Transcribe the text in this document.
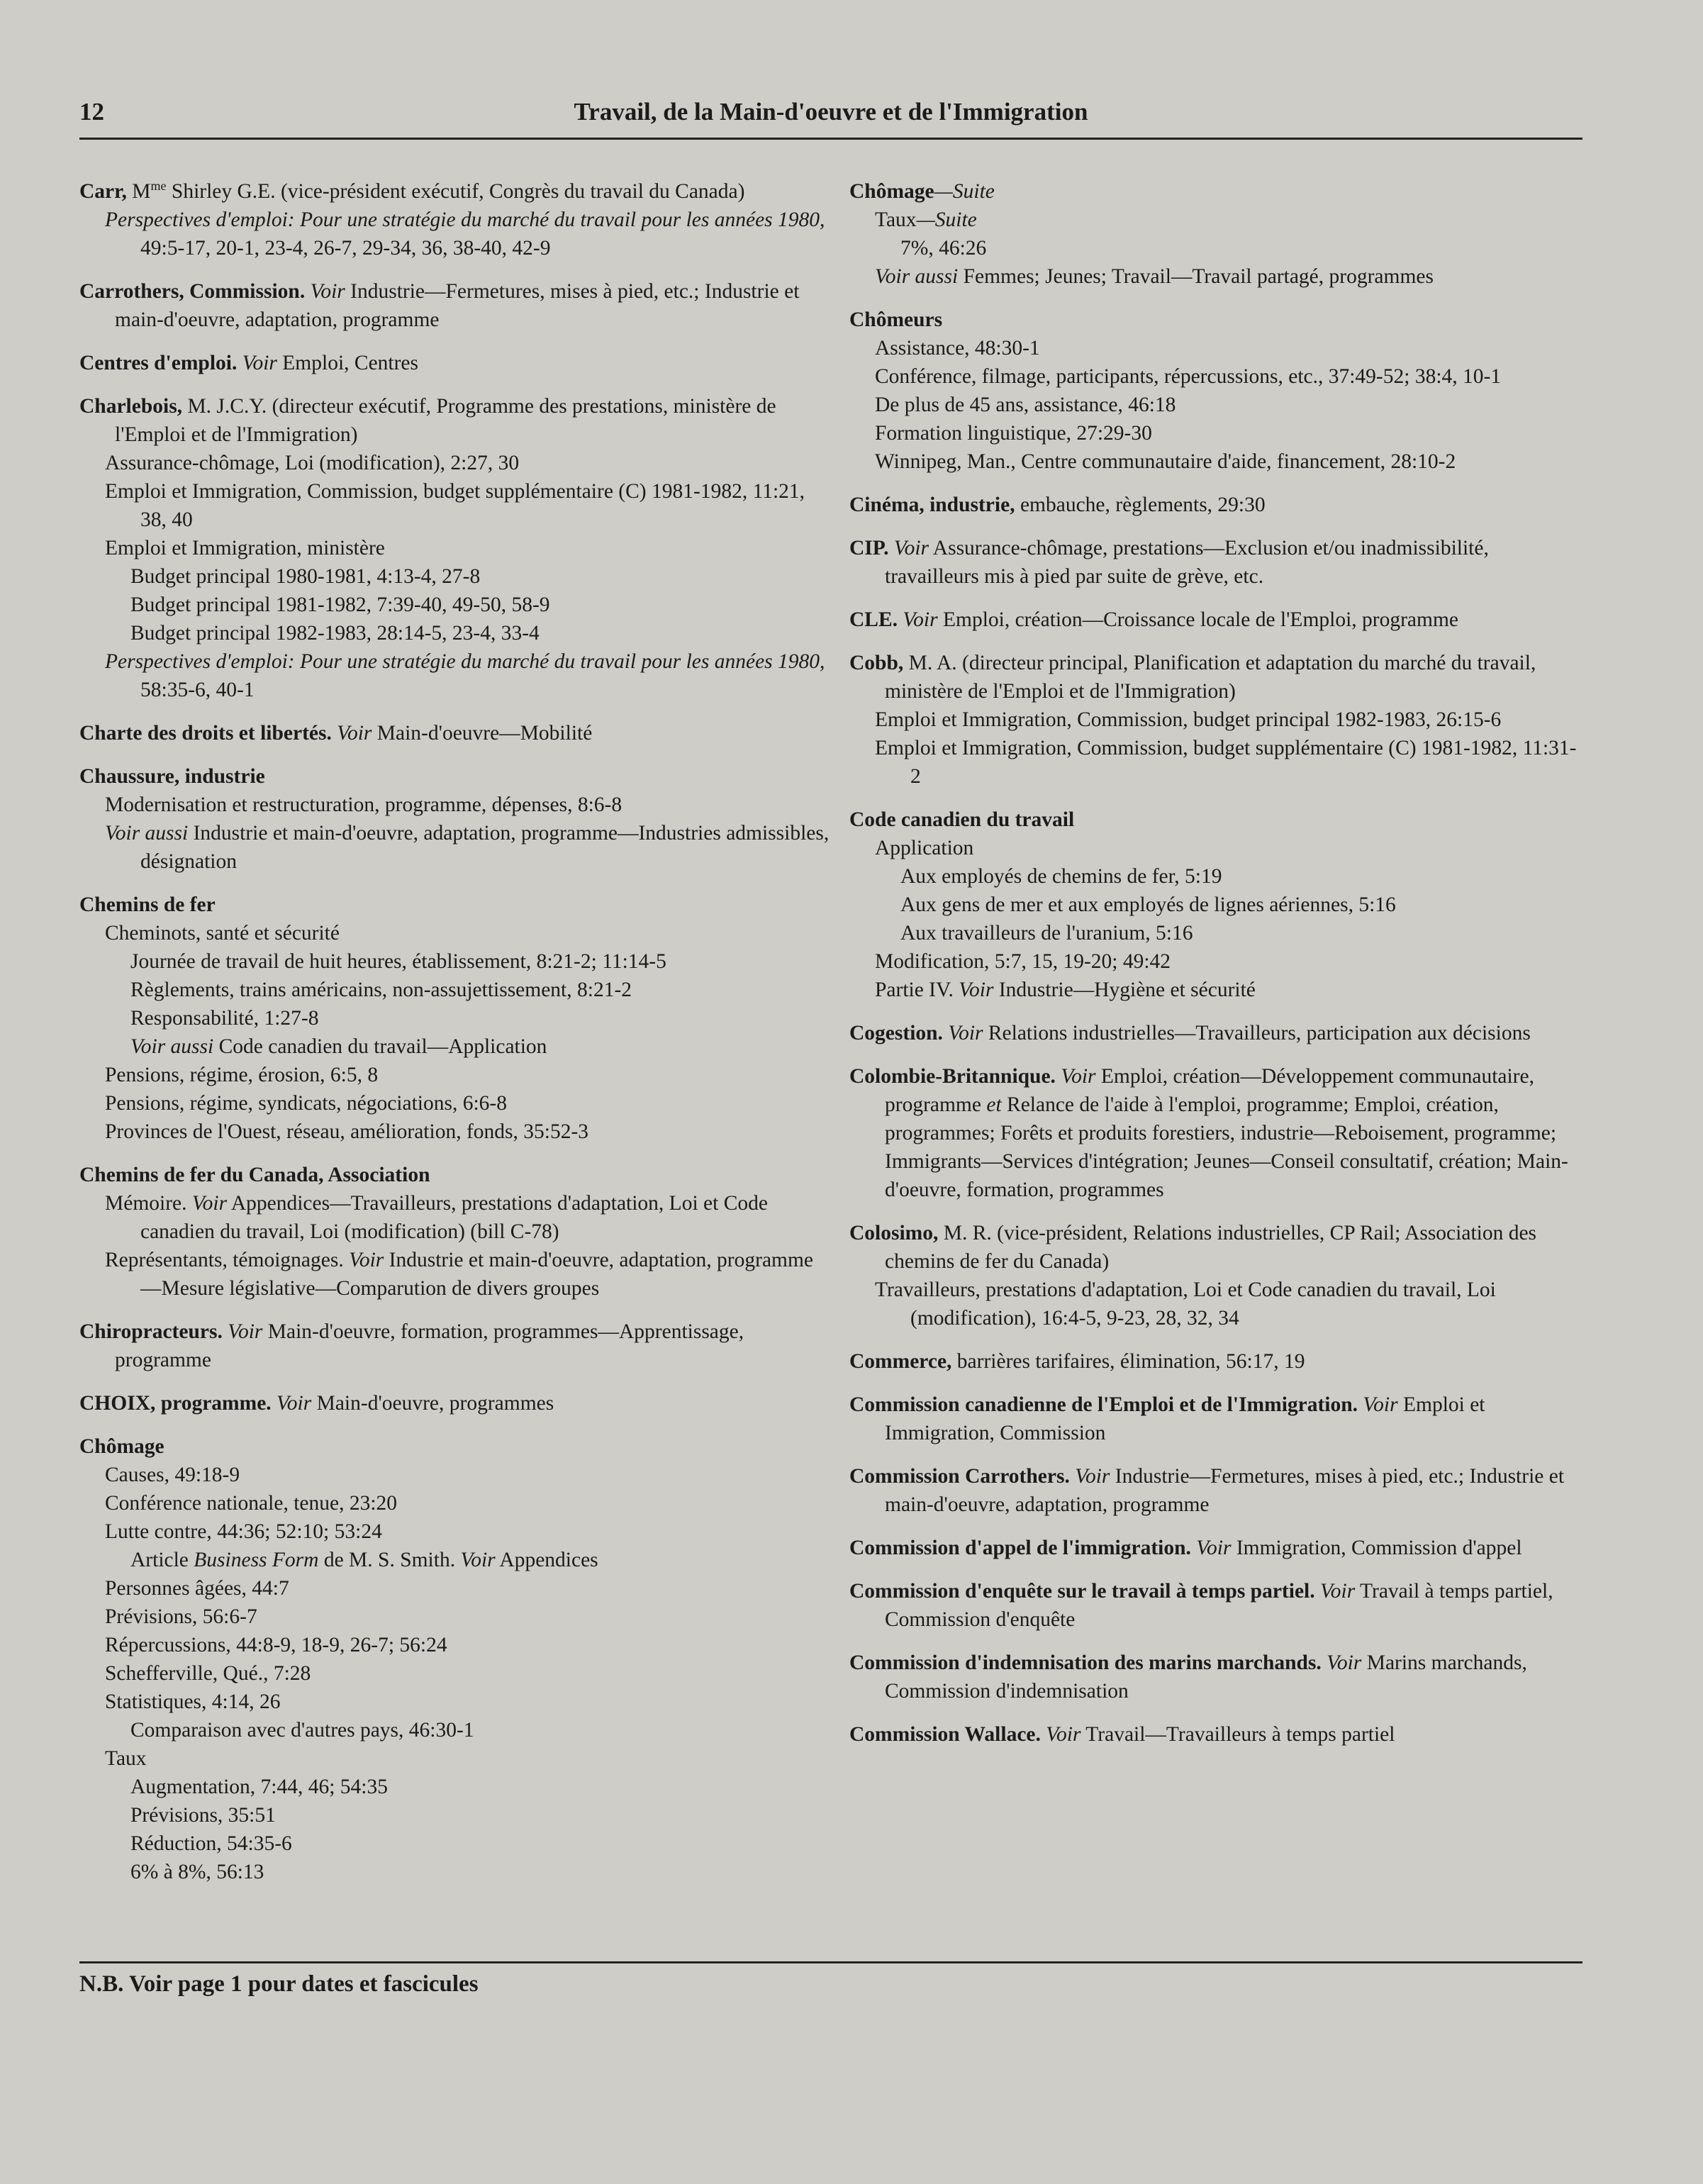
12	Travail, de la Main-d'oeuvre et de l'Immigration
Carr, $M^{me}$ Shirley G.E. (vice-président exécutif, Congrès du travail du Canada)
Perspectives d'emploi: Pour une stratégie du marché du travail pour les années 1980, 49:5-17, 20-1, 23-4, 26-7, 29-34, 36, 38-40, 42-9
Carrothers, Commission. Voir Industrie—Fermetures, mises à pied, etc.; Industrie et main-d'oeuvre, adaptation, programme
Centres d'emploi. Voir Emploi, Centres
Charlebois, M. J.C.Y. (directeur exécutif, Programme des prestations, ministère de l'Emploi et de l'Immigration)
Assurance-chômage, Loi (modification), 2:27, 30
Emploi et Immigration, Commission, budget supplémentaire (C) 1981-1982, 11:21, 38, 40
Emploi et Immigration, ministère
Budget principal 1980-1981, 4:13-4, 27-8
Budget principal 1981-1982, 7:39-40, 49-50, 58-9
Budget principal 1982-1983, 28:14-5, 23-4, 33-4
Perspectives d'emploi: Pour une stratégie du marché du travail pour les années 1980, 58:35-6, 40-1
Charte des droits et libertés. Voir Main-d'oeuvre—Mobilité
Chaussure, industrie
Modernisation et restructuration, programme, dépenses, 8:6-8
Voir aussi Industrie et main-d'oeuvre, adaptation, programme—Industries admissibles, désignation
Chemins de fer
Cheminots, santé et sécurité
Journée de travail de huit heures, établissement, 8:21-2; 11:14-5
Règlements, trains américains, non-assujettissement, 8:21-2
Responsabilité, 1:27-8
Voir aussi Code canadien du travail—Application
Pensions, régime, érosion, 6:5, 8
Pensions, régime, syndicats, négociations, 6:6-8
Provinces de l'Ouest, réseau, amélioration, fonds, 35:52-3
Chemins de fer du Canada, Association
Mémoire. Voir Appendices—Travailleurs, prestations d'adaptation, Loi et Code canadien du travail, Loi (modification) (bill C-78)
Représentants, témoignages. Voir Industrie et main-d'oeuvre, adaptation, programme—Mesure législative—Comparution de divers groupes
Chiropracteurs. Voir Main-d'oeuvre, formation, programmes—Apprentissage, programme
CHOIX, programme. Voir Main-d'oeuvre, programmes
Chômage
Causes, 49:18-9
Conférence nationale, tenue, 23:20
Lutte contre, 44:36; 52:10; 53:24
Article Business Form de M. S. Smith. Voir Appendices
Personnes âgées, 44:7
Prévisions, 56:6-7
Répercussions, 44:8-9, 18-9, 26-7; 56:24
Schefferville, Qué., 7:28
Statistiques, 4:14, 26
Comparaison avec d'autres pays, 46:30-1
Taux
Augmentation, 7:44, 46; 54:35
Prévisions, 35:51
Réduction, 54:35-6
6% à 8%, 56:13
Chômage—Suite
Taux—Suite
7%, 46:26
Voir aussi Femmes; Jeunes; Travail—Travail partagé, programmes
Chômeurs
Assistance, 48:30-1
Conférence, filmage, participants, répercussions, etc., 37:49-52; 38:4, 10-1
De plus de 45 ans, assistance, 46:18
Formation linguistique, 27:29-30
Winnipeg, Man., Centre communautaire d'aide, financement, 28:10-2
Cinéma, industrie, embauche, règlements, 29:30
CIP. Voir Assurance-chômage, prestations—Exclusion et/ou inadmissibilité, travailleurs mis à pied par suite de grève, etc.
CLE. Voir Emploi, création—Croissance locale de l'Emploi, programme
Cobb, M. A. (directeur principal, Planification et adaptation du marché du travail, ministère de l'Emploi et de l'Immigration)
Emploi et Immigration, Commission, budget principal 1982-1983, 26:15-6
Emploi et Immigration, Commission, budget supplémentaire (C) 1981-1982, 11:31-2
Code canadien du travail
Application
Aux employés de chemins de fer, 5:19
Aux gens de mer et aux employés de lignes aériennes, 5:16
Aux travailleurs de l'uranium, 5:16
Modification, 5:7, 15, 19-20; 49:42
Partie IV. Voir Industrie—Hygiène et sécurité
Cogestion. Voir Relations industrielles—Travailleurs, participation aux décisions
Colombie-Britannique. Voir Emploi, création—Développement communautaire, programme et Relance de l'aide à l'emploi, programme; Emploi, création, programmes; Forêts et produits forestiers, industrie—Reboisement, programme; Immigrants—Services d'intégration; Jeunes—Conseil consultatif, création; Main-d'oeuvre, formation, programmes
Colosimo, M. R. (vice-président, Relations industrielles, CP Rail; Association des chemins de fer du Canada)
Travailleurs, prestations d'adaptation, Loi et Code canadien du travail, Loi (modification), 16:4-5, 9-23, 28, 32, 34
Commerce, barrières tarifaires, élimination, 56:17, 19
Commission canadienne de l'Emploi et de l'Immigration. Voir Emploi et Immigration, Commission
Commission Carrothers. Voir Industrie—Fermetures, mises à pied, etc.; Industrie et main-d'oeuvre, adaptation, programme
Commission d'appel de l'immigration. Voir Immigration, Commission d'appel
Commission d'enquête sur le travail à temps partiel. Voir Travail à temps partiel, Commission d'enquête
Commission d'indemnisation des marins marchands. Voir Marins marchands, Commission d'indemnisation
Commission Wallace. Voir Travail—Travailleurs à temps partiel
N.B. Voir page 1 pour dates et fascicules
